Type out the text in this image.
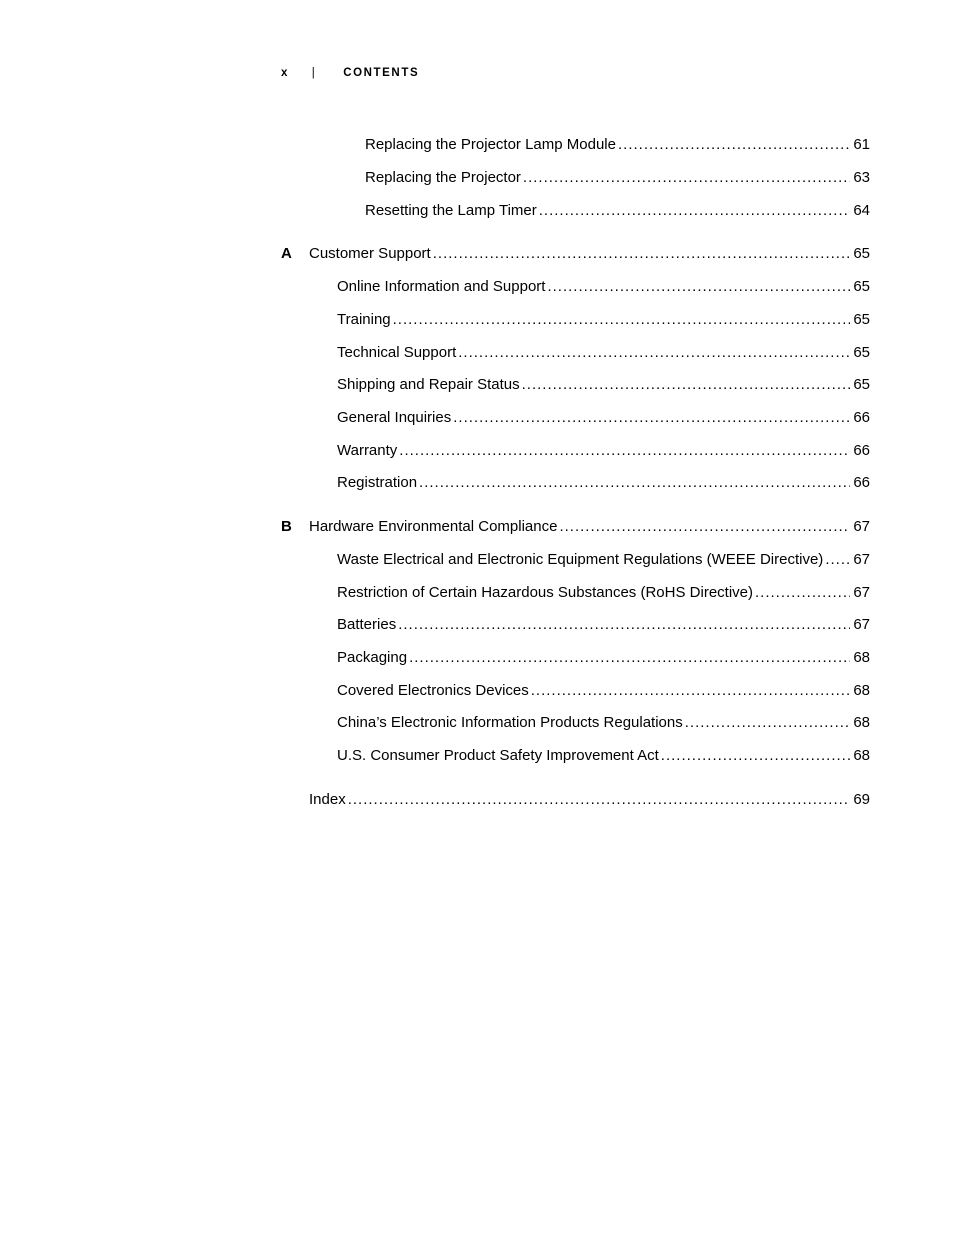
x | CONTENTS
Replacing the Projector Lamp Module .....	61
Replacing the Projector .....	63
Resetting the Lamp Timer .....	64
A Customer Support .....	65
Online Information and Support .....	65
Training .....	65
Technical Support .....	65
Shipping and Repair Status .....	65
General Inquiries .....	66
Warranty .....	66
Registration .....	66
B Hardware Environmental Compliance .....	67
Waste Electrical and Electronic Equipment Regulations (WEEE Directive) ..... 67
Restriction of Certain Hazardous Substances (RoHS Directive) .....	67
Batteries .....	67
Packaging .....	68
Covered Electronics Devices .....	68
China’s Electronic Information Products Regulations .....	68
U.S. Consumer Product Safety Improvement Act .....	68
Index .....	69
